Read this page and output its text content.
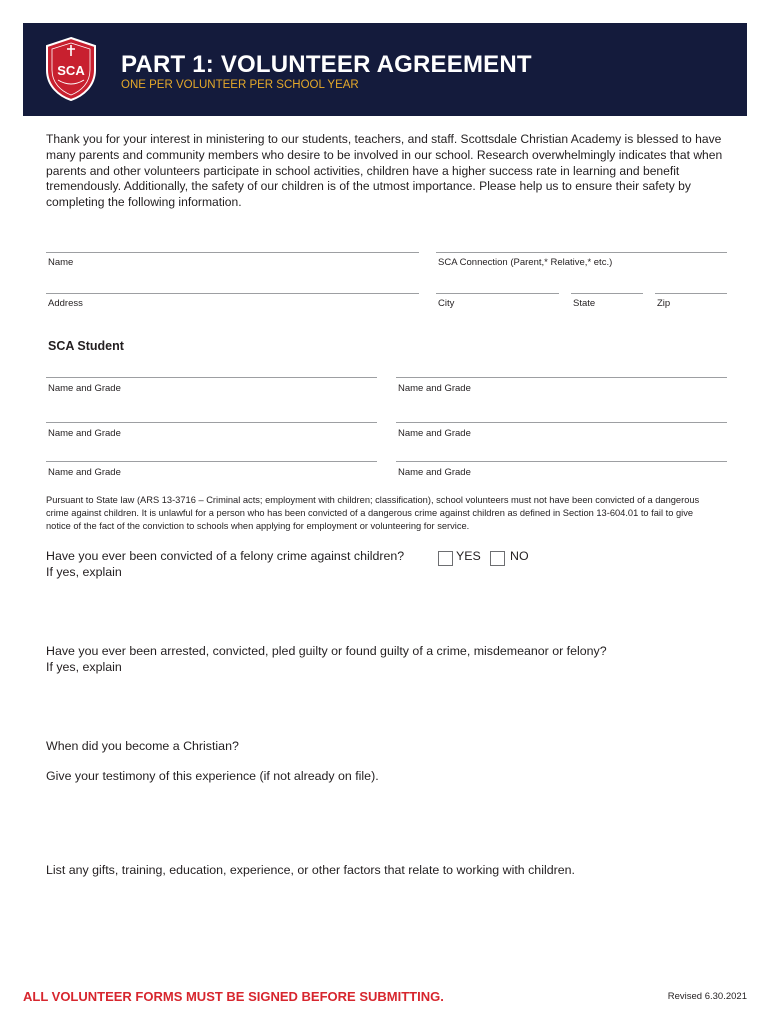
SCA PART 1: VOLUNTEER AGREEMENT
ONE PER VOLUNTEER PER SCHOOL YEAR

Thank you for your interest in ministering to our students, teachers, and staff. Scottsdale Christian Academy is blessed to have many parents and community members who desire to be involved in our school. Research overwhelmingly indicates that when parents and other volunteers participate in school activities, children have a higher success rate in learning and benefit tremendously. Additionally, the safety of our children is of the utmost importance. Please help us to ensure their safety by completing the following information.

Name	SCA Connection (Parent,* Relative,* etc.)
Address	City	State	Zip
SCA Student
Name and Grade	Name and Grade
Name and Grade	Name and Grade
Name and Grade	Name and Grade

Pursuant to State law (ARS 13-3716 – Criminal acts; employment with children; classification), school volunteers must not have been convicted of a dangerous crime against children. It is unlawful for a person who has been convicted of a dangerous crime against children as defined in Section 13-604.01 to fail to give notice of the fact of the conviction to schools when applying for employment or volunteering for service.

Have you ever been convicted of a felony crime against children?	YES NO
If yes, explain
Have you ever been arrested, convicted, pled guilty or found guilty of a crime, misdemeanor or felony?
If yes, explain
When did you become a Christian?
Give your testimony of this experience (if not already on file).
List any gifts, training, education, experience, or other factors that relate to working with children.
ALL VOLUNTEER FORMS MUST BE SIGNED BEFORE SUBMITTING.	Revised 6.30.2021
